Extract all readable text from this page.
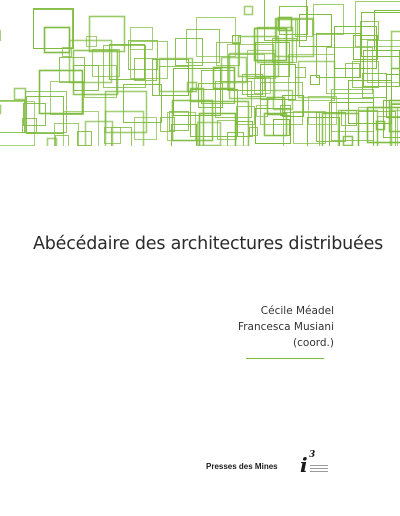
Abécédaire des architectures distribuées
Cécile Méadel
Francesca Musiani
(coord.)
Presses des Mines i 3
